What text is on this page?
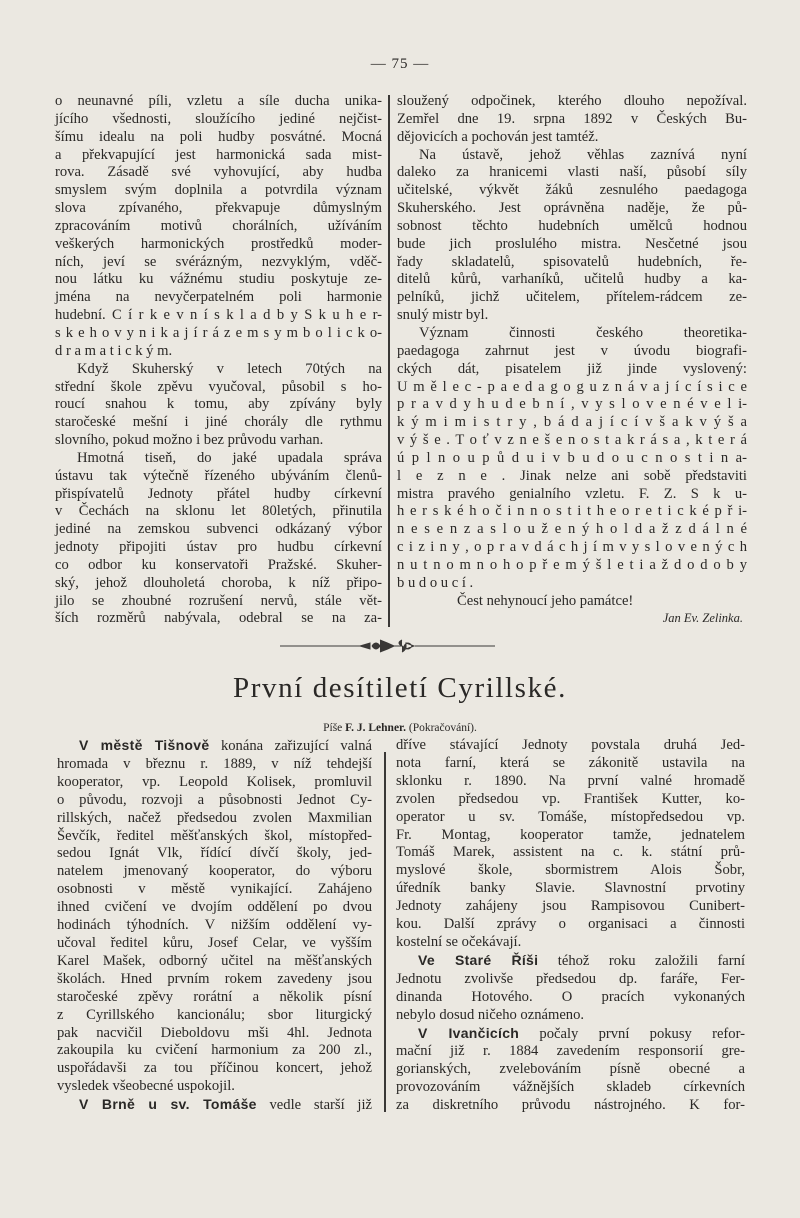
— 75 —
o neunavné píli, vzletu a síle ducha unika-
jícího všednosti, sloužícího jediné nejčist-
šímu idealu na poli hudby posvátné. Mocná
a překvapující jest harmonická sada mist-
rova. Zásadě své vyhovující, aby hudba
smyslem svým doplnila a potvrdila význam
slova zpívaného, překvapuje důmyslným
zpracováním motivů chorálních, užíváním
veškerých harmonických prostředků moder-
ních, jeví se svérázným, nezvyklým, vděč-
nou látku ku vážnému studiu poskytuje ze-
jména na nevyčerpatelném poli harmonie
hudební. C í r k e v n í s k l a d b y S k u h e r-
s k e h o v y n i k a j í r á z e m s y m b o l i c k o-
d r a m a t i c k ý m.
Když Skuherský v letech 70tých na
střední škole zpěvu vyučoval, působil s ho-
roucí snahou k tomu, aby zpívány byly
staročeské mešní i jiné chorály dle rythmu
slovního, pokud možno i bez průvodu varhan.
Hmotná tiseň, do jaké upadala správa
ústavu tak výtečně řízeného ubýváním členů-
přispívatelů Jednoty přátel hudby církevní
v Čechách na sklonu let 80letých, přinutila
jediné na zemskou subvenci odkázaný výbor
jednoty připojiti ústav pro hudbu církevní
co odbor ku konservatoři Pražské. Skuher-
ský, jehož dlouholetá choroba, k níž připo-
jilo se zhoubné rozrušení nervů, stále vět-
ších rozměrů nabývala, odebral se na za-
sloužený odpočinek, kterého dlouho nepožíval.
Zemřel dne 19. srpna 1892 v Českých Bu-
dějovicích a pochován jest tamtéž.
Na ústavě, jehož věhlas zaznívá nyní
daleko za hranicemi vlasti naší, působí síly
učitelské, výkvět žáků zesnulého paedagoga
Skuherského. Jest oprávněna naděje, že pů-
sobnost těchto hudebních umělců hodnou
bude jich proslulého mistra. Nesčetné jsou
řady skladatelů, spisovatelů hudebních, ře-
ditelů kůrů, varhaníků, učitelů hudby a ka-
pelníků, jichž učitelem, přítelem-rádcem ze-
snulý mistr byl.
Význam činnosti českého theoretika-
paedagoga zahrnut jest v úvodu biografi-
ckých dát, pisatelem již jinde vyslovený:
U m ě l e c - p a e d a g o g u z n á v a j í c í s i c e
p r a v d y h u d e b n í , v y s l o v e n é v e l i-
k ý m i m i s t r y , b á d a j í c í v š a k v ý š a
v ý š e . T o ť v z n e š e n o s t a k r á s a , k t e r á
ú p l n o u p ů d u i v b u d o u c n o s t i n a-
l e z n e . Jinak nelze ani sobě představiti
mistra pravého genialního vzletu. F. Z. S k u-
h e r s k é h o č i n n o s t i t h e o r e t i c k é p ř i-
n e s e n z a s l o u ž e n ý h o l d a ž z d á l n é
c i z i n y , o p r a v d á c h j í m v y s l o v e n ý c h
n u t n o m n o h o p ř e m ý š l e t i a ž d o d o b y
b u d o u c í .
Čest nehynoucí jeho památce!
Jan Ev. Zelinka.
První desítiletí Cyrillské.
Píše F. J. Lehner. (Pokračování).
V městě Tišnově konána zařizující valná
hromada v březnu r. 1889, v níž tehdejší
kooperator, vp. Leopold Kolisek, promluvil
o původu, rozvoji a působnosti Jednot Cy-
rillských, načež předsedou zvolen Maxmilian
Ševčík, ředitel měšťanských škol, místopřed-
sedou Ignát Vlk, řídící dívčí školy, jed-
natelem jmenovaný kooperator, do výboru
osobnosti v městě vynikající. Zahájeno
ihned cvičení ve dvojím oddělení po dvou
hodinách týhodních. V nižším oddělení vy-
učoval ředitel kůru, Josef Celar, ve vyšším
Karel Mašek, odborný učitel na měšťanských
školách. Hned prvním rokem zavedeny jsou
staročeské zpěvy rorátní a několik písní
z Cyrillského kancionálu; sbor liturgický
pak nacvičil Dieboldovu mši 4hl. Jednota
zakoupila ku cvičení harmonium za 200 zl.,
uspořádavši za tou příčinou koncert, jehož
vysledek všeobecné uspokojil.
V Brně u sv. Tomáše vedle starší již
dříve stávající Jednoty povstala druhá Jed-
nota farní, která se zákonitě ustavila na
sklonku r. 1890. Na první valné hromadě
zvolen předsedou vp. František Kutter, ko-
operator u sv. Tomáše, místopředsedou vp.
Fr. Montag, kooperator tamže, jednatelem
Tomáš Marek, assistent na c. k. státní prů-
myslové škole, sbormistrem Alois Šobr,
úředník banky Slavie. Slavnostní prvotiny
Jednoty zahájeny jsou Rampisovou Cunibert-
kou. Další zprávy o organisaci a činnosti
kostelní se očekávají.
Ve Staré Říši téhož roku založili farní
Jednotu zvolivše předsedou dp. faráře, Fer-
dinanda Hotového. O pracích vykonaných
nebylo dosud ničeho oznámeno.
V Ivančicích počaly první pokusy refor-
mační již r. 1884 zavedením responsorií gre-
gorianských, zvelebováním písně obecné a
provozováním vážnějších skladeb církevních
za diskretního průvodu nástrojného. K for-
